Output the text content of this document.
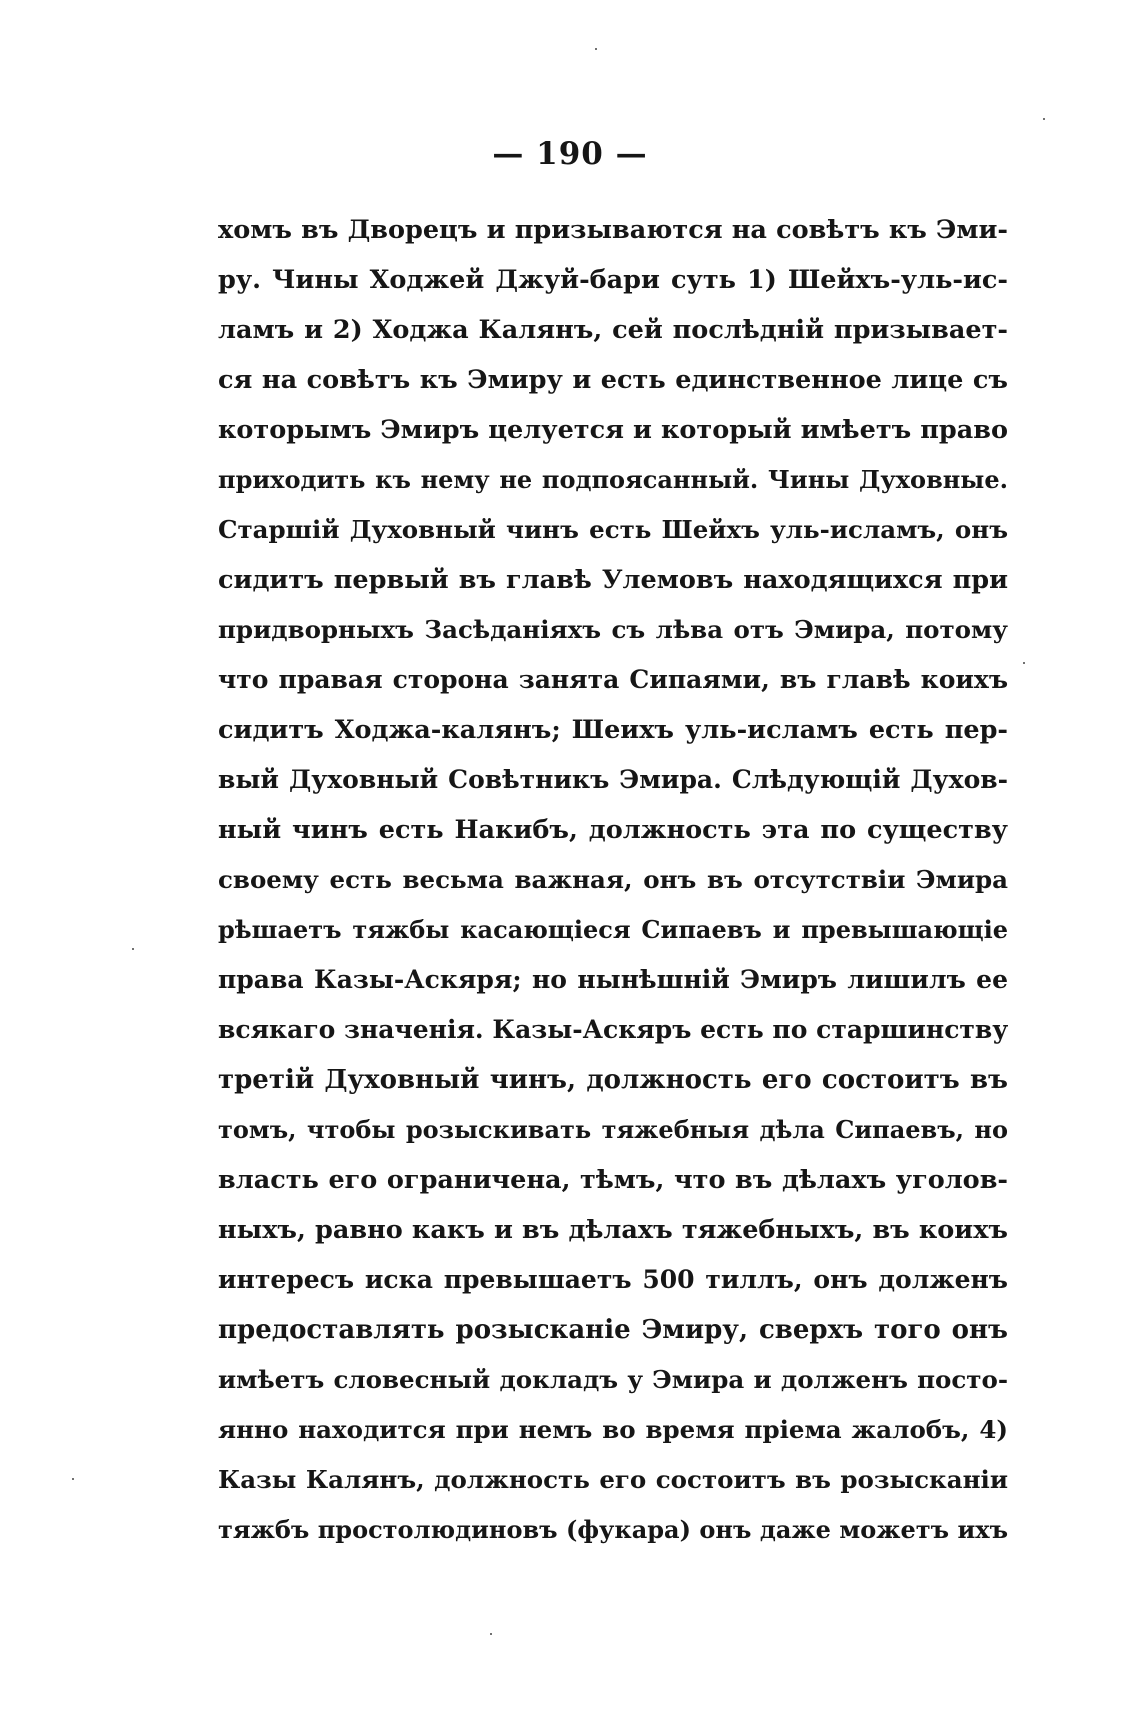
— 190 —
хомъ въ Дворецъ и призываются на совѣтъ къ Эми-
ру. Чины Ходжей Джуй-бари суть 1) Шейхъ-уль-ис-
ламъ и 2) Ходжа Калянъ, сей послѣдній призывает-
ся на совѣтъ къ Эмиру и есть единственное лице съ
которымъ Эмиръ целуется и который имѣетъ право
приходить къ нему не подпоясанный. Чины Духовные.
Старшій Духовный чинъ есть Шейхъ уль-исламъ, онъ
сидитъ первый въ главѣ Улемовъ находящихся при
придворныхъ Засѣданіяхъ съ лѣва отъ Эмира, потому
что правая сторона занята Сипаями, въ главѣ коихъ
сидитъ Ходжа-калянъ; Шеихъ уль-исламъ есть пер-
вый Духовный Совѣтникъ Эмира. Слѣдующій Духов-
ный чинъ есть Накибъ, должность эта по существу
своему есть весьма важная, онъ въ отсутствіи Эмира
рѣшаетъ тяжбы касающіеся Сипаевъ и превышающіе
права Казы-Аскяря; но нынѣшній Эмиръ лишилъ ее
всякаго значенія. Казы-Аскяръ есть по старшинству
третій Духовный чинъ, должность его состоитъ въ
томъ, чтобы розыскивать тяжебныя дѣла Сипаевъ, но
власть его ограничена, тѣмъ, что въ дѣлахъ уголов-
ныхъ, равно какъ и въ дѣлахъ тяжебныхъ, въ коихъ
интересъ иска превышаетъ 500 тиллъ, онъ долженъ
предоставлять розысканіе Эмиру, сверхъ того онъ
имѣетъ словесный докладъ у Эмира и долженъ посто-
янно находится при немъ во время пріема жалобъ, 4)
Казы Калянъ, должность его состоитъ въ розысканіи
тяжбъ простолюдиновъ (фукара) онъ даже можетъ ихъ
